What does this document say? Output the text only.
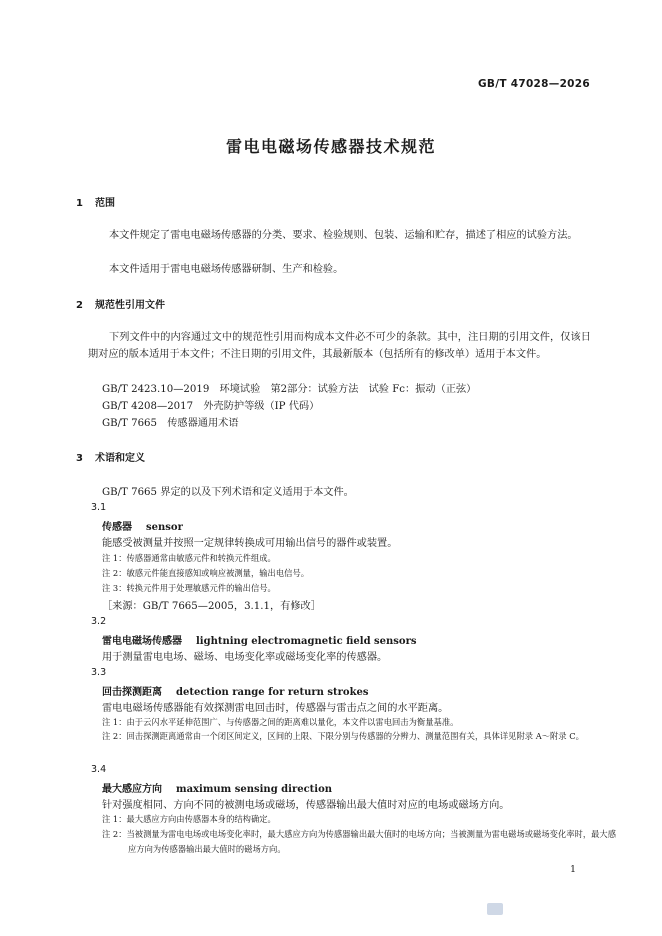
GB/T 47028—2026
雷电电磁场传感器技术规范
1 范围
本文件规定了雷电电磁场传感器的分类、要求、检验规则、包装、运输和贮存，描述了相应的试验方法。
本文件适用于雷电电磁场传感器研制、生产和检验。
2 规范性引用文件
下列文件中的内容通过文中的规范性引用而构成本文件必不可少的条款。其中，注日期的引用文件，仅该日期对应的版本适用于本文件；不注日期的引用文件，其最新版本（包括所有的修改单）适用于本文件。
GB/T 2423.10—2019　环境试验　第2部分：试验方法　试验 Fc：振动（正弦）
GB/T 4208—2017　外壳防护等级（IP 代码）
GB/T 7665　传感器通用术语
3 术语和定义
GB/T 7665 界定的以及下列术语和定义适用于本文件。
3.1
传感器 sensor
能感受被测量并按照一定规律转换成可用输出信号的器件或装置。
注 1：传感器通常由敏感元件和转换元件组成。
注 2：敏感元件能直接感知或响应被测量，输出电信号。
注 3：转换元件用于处理敏感元件的输出信号。
［来源：GB/T 7665—2005，3.1.1，有修改］
3.2
雷电电磁场传感器 lightning electromagnetic field sensors
用于测量雷电电场、磁场、电场变化率或磁场变化率的传感器。
3.3
回击探测距离 detection range for return strokes
雷电电磁场传感器能有效探测雷电回击时，传感器与雷击点之间的水平距离。
注 1：由于云闪水平延伸范围广、与传感器之间的距离难以量化，本文件以雷电回击为衡量基准。
注 2：回击探测距离通常由一个闭区间定义，区间的上限、下限分别与传感器的分辨力、测量范围有关，具体详见附录 A～附录 C。
3.4
最大感应方向 maximum sensing direction
针对强度相同、方向不同的被测电场或磁场，传感器输出最大值时对应的电场或磁场方向。
注 1：最大感应方向由传感器本身的结构确定。
注 2：当被测量为雷电电场或电场变化率时，最大感应方向为传感器输出最大值时的电场方向；当被测量为雷电磁场或磁场变化率时，最大感应方向为传感器输出最大值时的磁场方向。
1
